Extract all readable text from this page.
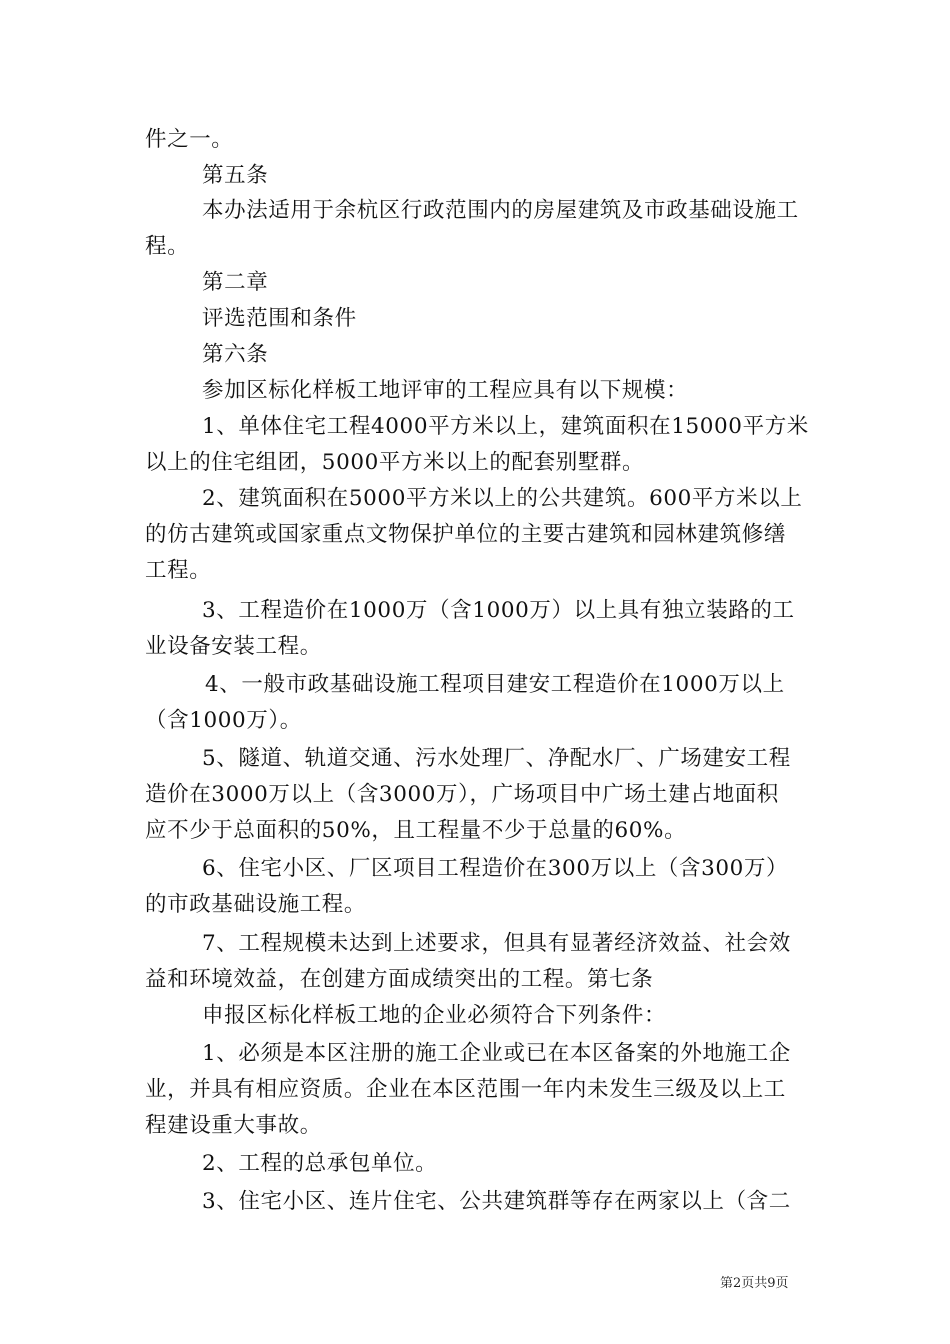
件之一。
第五条
本办法适用于余杭区行政范围内的房屋建筑及市政基础设施工
程。
第二章
评选范围和条件
第六条
参加区标化样板工地评审的工程应具有以下规模：
1、单体住宅工程4000平方米以上，建筑面积在15000平方米
以上的住宅组团，5000平方米以上的配套别墅群。
2、建筑面积在5000平方米以上的公共建筑。600平方米以上
的仿古建筑或国家重点文物保护单位的主要古建筑和园林建筑修缮
工程。
3、工程造价在1000万（含1000万）以上具有独立装路的工
业设备安装工程。
4、一般市政基础设施工程项目建安工程造价在1000万以上
（含1000万）。
5、隧道、轨道交通、污水处理厂、净配水厂、广场建安工程
造价在3000万以上（含3000万），广场项目中广场土建占地面积
应不少于总面积的50%，且工程量不少于总量的60%。
6、住宅小区、厂区项目工程造价在300万以上（含300万）
的市政基础设施工程。
7、工程规模未达到上述要求，但具有显著经济效益、社会效
益和环境效益，在创建方面成绩突出的工程。第七条
申报区标化样板工地的企业必须符合下列条件：
1、必须是本区注册的施工企业或已在本区备案的外地施工企
业，并具有相应资质。企业在本区范围一年内未发生三级及以上工
程建设重大事故。
2、工程的总承包单位。
3、住宅小区、连片住宅、公共建筑群等存在两家以上（含二
第2页共9页
